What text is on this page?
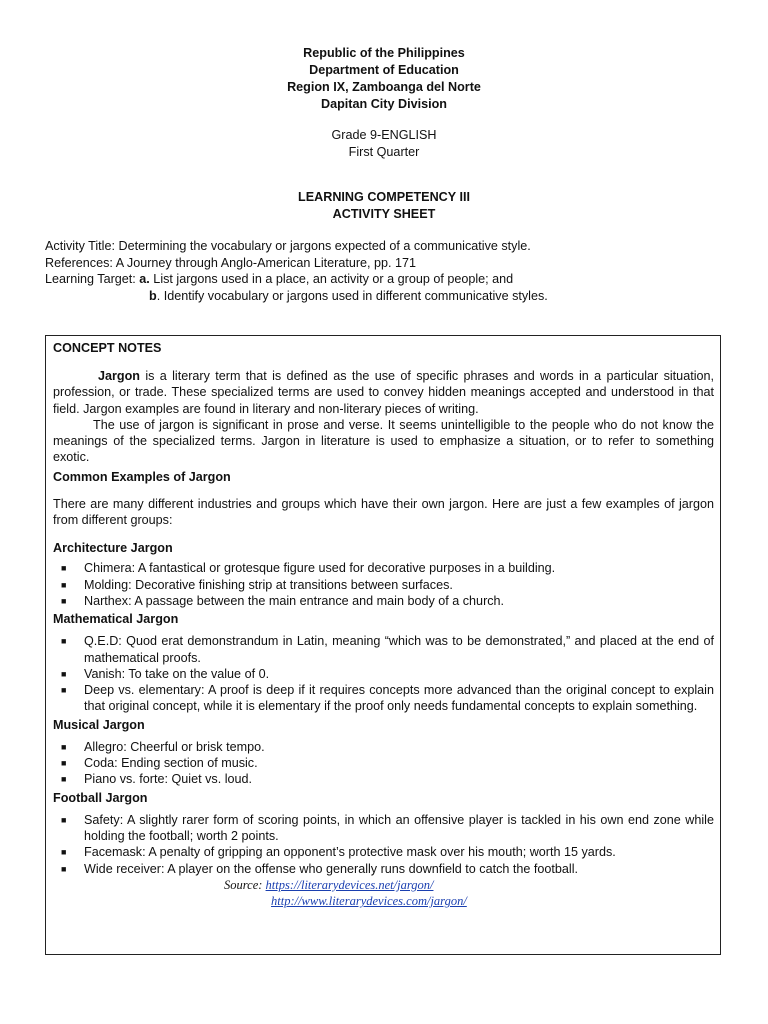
Republic of the Philippines
Department of Education
Region IX, Zamboanga del Norte
Dapitan City Division
Grade 9-ENGLISH
First Quarter
LEARNING COMPETENCY III
ACTIVITY SHEET
Activity Title: Determining the vocabulary or jargons expected of a communicative style.
References: A Journey through Anglo-American Literature, pp. 171
Learning Target: a. List jargons used in a place, an activity or a group of people; and
b. Identify vocabulary or jargons used in different communicative styles.

CONCEPT NOTES

Jargon is a literary term that is defined as the use of specific phrases and words in a particular situation, profession, or trade. These specialized terms are used to convey hidden meanings accepted and understood in that field. Jargon examples are found in literary and non-literary pieces of writing.

The use of jargon is significant in prose and verse. It seems unintelligible to the people who do not know the meanings of the specialized terms. Jargon in literature is used to emphasize a situation, or to refer to something exotic.

Common Examples of Jargon

There are many different industries and groups which have their own jargon. Here are just a few examples of jargon from different groups:

Architecture Jargon

■ Chimera: A fantastical or grotesque figure used for decorative purposes in a building.
■ Molding: Decorative finishing strip at transitions between surfaces.
■ Narthex: A passage between the main entrance and main body of a church.

Mathematical Jargon

■ Q.E.D: Quod erat demonstrandum in Latin, meaning “which was to be demonstrated,” and placed at the end of mathematical proofs.
■ Vanish: To take on the value of 0.
■ Deep vs. elementary: A proof is deep if it requires concepts more advanced than the original concept to explain that original concept, while it is elementary if the proof only needs fundamental concepts to explain something.

Musical Jargon

■ Allegro: Cheerful or brisk tempo.
■ Coda: Ending section of music.
■ Piano vs. forte: Quiet vs. loud.

Football Jargon

■ Safety: A slightly rarer form of scoring points, in which an offensive player is tackled in his own end zone while holding the football; worth 2 points.
■ Facemask: A penalty of gripping an opponent’s protective mask over his mouth; worth 15 yards.
■ Wide receiver: A player on the offense who generally runs downfield to catch the football.
Source: https://literarydevices.net/jargon/
http://www.literarydevices.com/jargon/
